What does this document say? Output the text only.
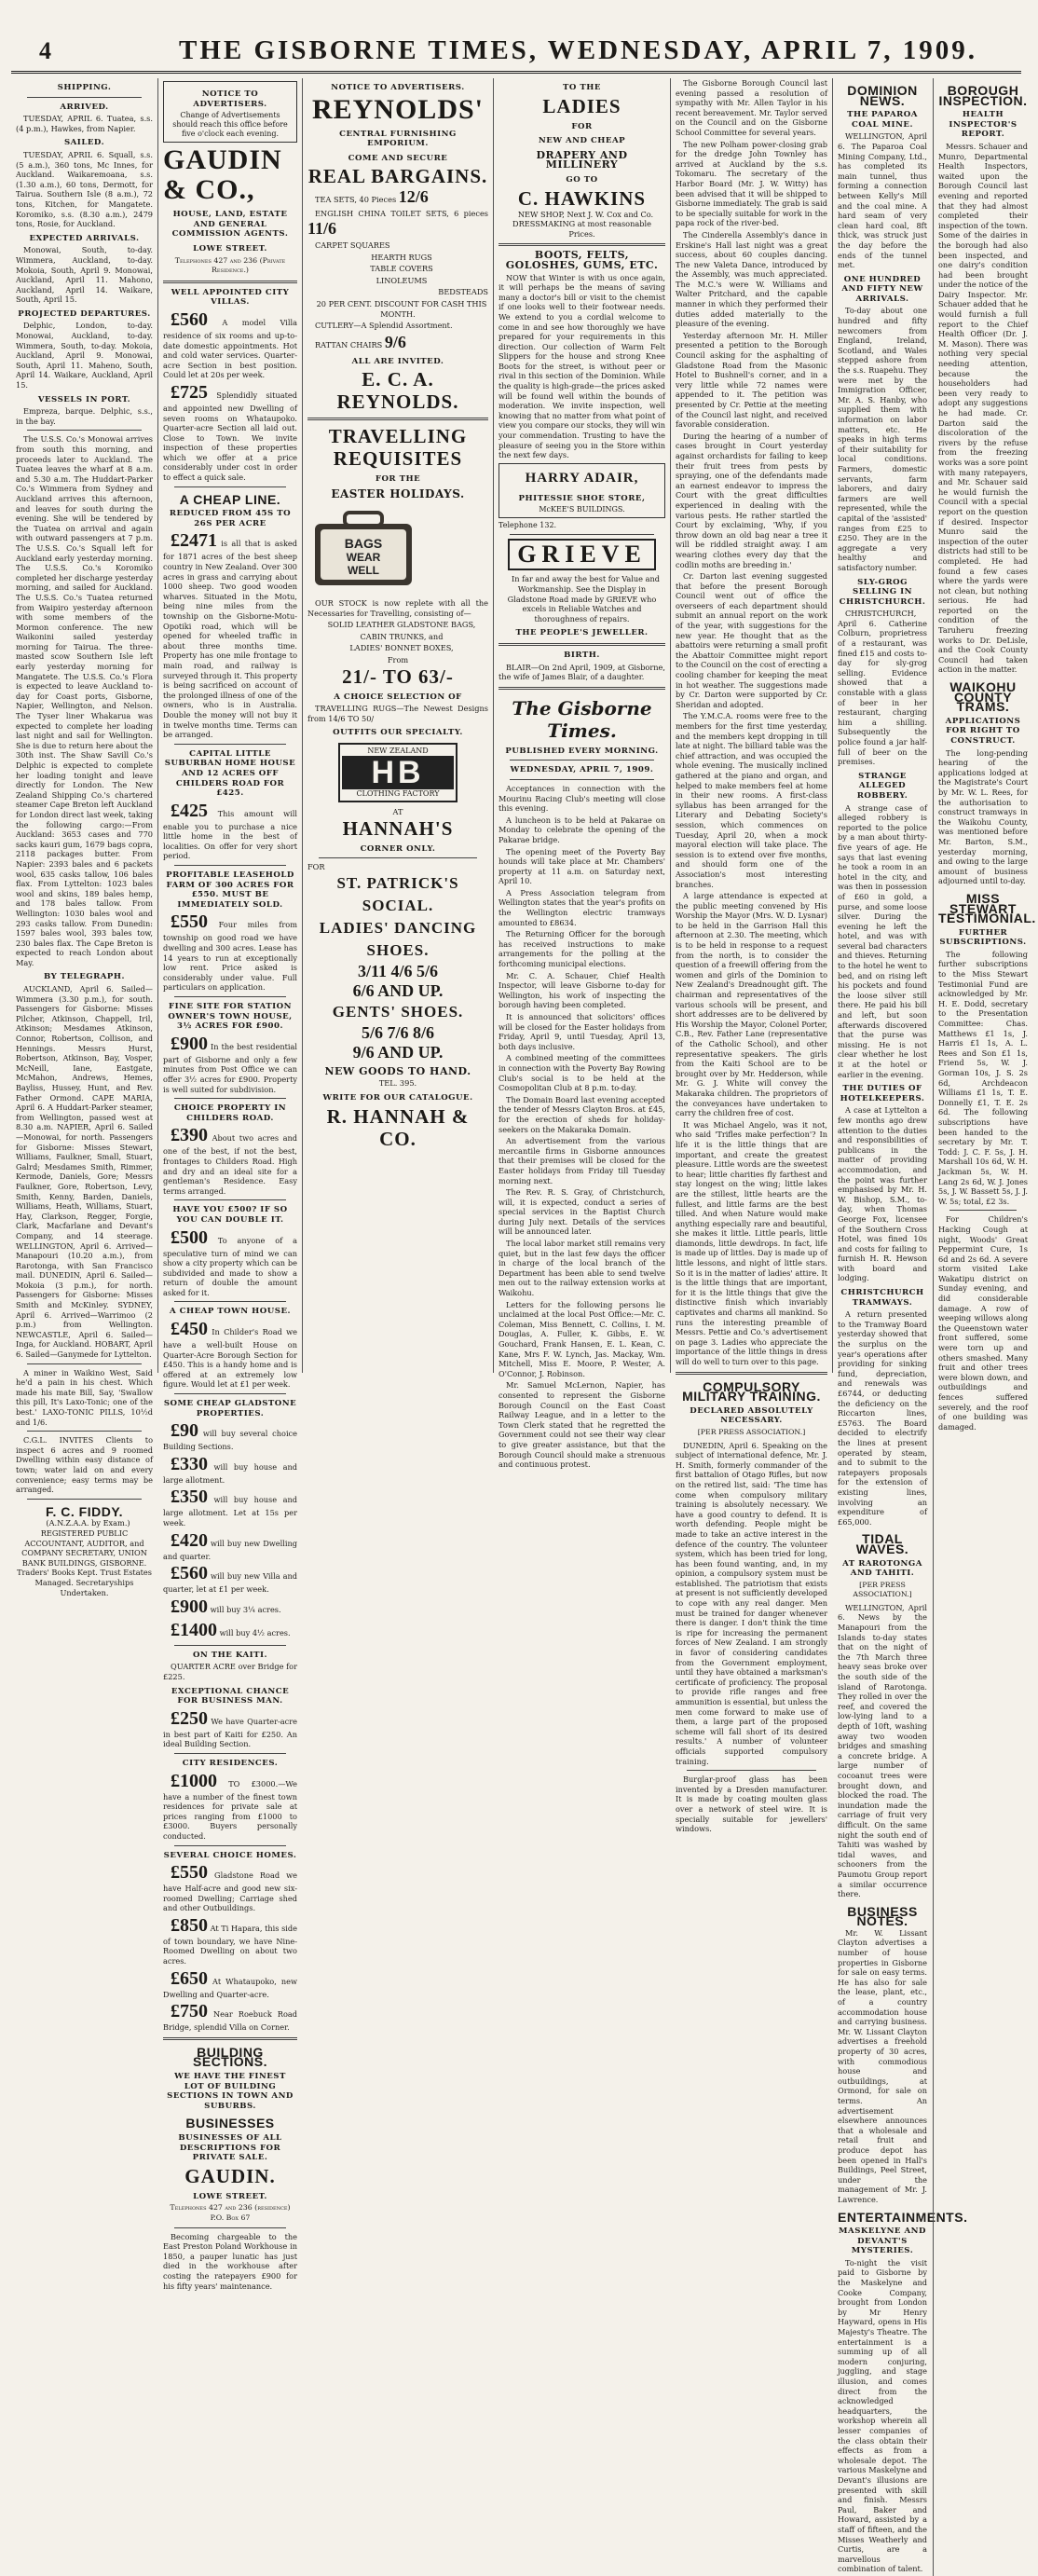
4	THE GISBORNE TIMES, WEDNESDAY, APRIL 7, 1909.
SHIPPING.
ARRIVED.

TUESDAY, APRIL 6. Tuatea, s.s. (4 p.m.), Hawkes, from Napier.

SAILED.

TUESDAY, APRIL 6. Squall, s.s. (5 a.m.), 360 tons, Mc Innes, for Auckland. Waikaremoana, s.s. (1.30 a.m.), 60 tons, Dermott, for Tairua. Southern Isle (8 a.m.), 72 tons, Kitchen, for Mangatete. Koromiko, s.s. (8.30 a.m.), 2479 tons, Rosie, for Auckland.

EXPECTED ARRIVALS.

Monowai, South, to-day. Wimmera, Auckland, to-day. Mokoia, South, April 9. Monowai, Auckland, April 11. Mahono, Auckland, April 14. Waikare, South, April 15.

PROJECTED DEPARTURES.

Delphic, London, to-day. Monowai, Auckland, to-day. Wimmera, South, to-day. Mokoia, Auckland, April 9. Monowai, South, April 11. Maheno, South, April 14. Waikare, Auckland, April 15.

VESSELS IN PORT.

Empreza, barque. Delphic, s.s., in the bay.

The U.S.S. Co.'s Monowai arrives from south this morning, and proceeds later to Auckland. The Tuatea leaves the wharf at 8 a.m. and 5.30 a.m. The Huddart-Parker Co.'s Wimmera from Sydney and Auckland arrives this afternoon, and leaves for south during the evening. She will be tendered by the Tuatea on arrival and again with outward passengers at 7 p.m. The U.S.S. Co.'s Squall left for Auckland early yesterday morning. The U.S.S. Co.'s Koromiko completed her discharge yesterday morning, and sailed for Auckland. The U.S.S. Co.'s Tuatea returned from Waipiro yesterday afternoon with some members of the Mormon conference. The new Waikonini sailed yesterday morning for Tairua. The three-masted scow Southern Isle left early yesterday morning for Mangatete. The U.S.S. Co.'s Flora is expected to leave Auckland to-day for Coast ports, Gisborne, Napier, Wellington, and Nelson. The Tyser liner Whakarua was expected to complete her loading last night and sail for Wellington. She is due to return here about the 30th inst. The Shaw Savill Co.'s Delphic is expected to complete her loading tonight and leave directly for London. The New Zealand Shipping Co.'s chartered steamer Cape Breton left Auckland for London direct last week, taking the following cargo:—From Auckland: 3653 cases and 770 sacks kauri gum, 1679 bags copra, 2118 packages butter. From Napier: 2393 bales and 6 packets wool, 635 casks tallow, 106 bales flax. From Lyttelton: 1023 bales wool and skins, 189 bales hemp, and 178 bales tallow. From Wellington: 1030 bales wool and 293 casks tallow. From Dunedin: 1597 bales wool, 393 bales tow, 230 bales flax. The Cape Breton is expected to reach London about May.

BY TELEGRAPH.

AUCKLAND, April 6. Sailed—Wimmera (3.30 p.m.), for south. Passengers for Gisborne: Misses Pilcher, Atkinson, Chappell, Iril, Atkinson; Mesdames Atkinson, Connor, Robertson, Collison, and Hennings. Messrs Hurst, Robertson, Atkinson, Bay, Vosper, McNeill, Iane, Eastgate, McMahon, Andrews, Hemes, Bayliss, Hussey, Hunt, and Rev. Father Ormond. CAPE MARIA, April 6. A Huddart-Parker steamer, from Wellington, passed west at 8.30 a.m. NAPIER, April 6. Sailed—Monowai, for north. Passengers for Gisborne: Misses Stewart, Williams, Faulkner, Small, Stuart, Galrd; Mesdames Smith, Rimmer, Kermode, Daniels, Gore; Messrs Faulkner, Gore, Robertson, Levy, Smith, Kenny, Barden, Daniels, Williams, Heath, Williams, Stuart, Hay, Clarkson, Regger, Forgie, Clark, Macfarlane and Devant's Company, and 14 steerage. WELLINGTON, April 6. Arrived—Manapouri (10.20 a.m.), from Rarotonga, with San Francisco mail. DUNEDIN, April 6. Sailed—Mokoia (3 p.m.), for north. Passengers for Gisborne: Misses Smith and McKinley. SYDNEY, April 6. Arrived—Warrimoo (2 p.m.) from Wellington. NEWCASTLE, April 6. Sailed—Inga, for Auckland. HOBART, April 6. Sailed—Ganymede for Lyttelton.

A miner in Waikino West, Said he'd a pain in his chest. Which made his mate Bill, Say, 'Swallow this pill, It's Laxo-Tonic; one of the best.' LAXO-TONIC PILLS, 10½d and 1/6.

C.G.L. INVITES Clients to inspect 6 acres and 9 roomed Dwelling within easy distance of town; water laid on and every convenience; easy terms may be arranged.

F. C. FIDDY.

(A.N.Z.A.A. by Exam.) REGISTERED PUBLIC ACCOUNTANT, AUDITOR, and COMPANY SECRETARY, UNION BANK BUILDINGS, GISBORNE. Traders' Books Kept. Trust Estates Managed. Secretaryships Undertaken.

NOTICE TO ADVERTISERS.
Change of Advertisements should reach this office before five o'clock each evening.
GAUDIN & CO.,
HOUSE, LAND, ESTATE AND GENERAL COMMISSION AGENTS.
LOWE STREET.
Telephones 427 and 236 (Private Residence.)
WELL APPOINTED CITY VILLAS.

£560 A model Villa residence of six rooms and up-to-date domestic appointments. Hot and cold water services. Quarter-acre Section in best position. Could let at 20s per week.

£725 Splendidly situated and appointed new Dwelling of seven rooms on Whataupoko. Quarter-acre Section all laid out. Close to Town. We invite inspection of these properties which we offer at a price considerably under cost in order to effect a quick sale.

A CHEAP LINE.
REDUCED FROM 45S TO 26S PER ACRE

£2471 is all that is asked for 1871 acres of the best sheep country in New Zealand. Over 300 acres in grass and carrying about 1000 sheep. Two good wooden wharves. Situated in the Motu, being nine miles from the township on the Gisborne-Motu-Opotiki road, which will be opened for wheeled traffic in about three months time. Property has one mile frontage to main road, and railway is surveyed through it. This property is being sacrificed on account of the prolonged illness of one of the owners, who is in Australia. Double the money will not buy it in twelve months time. Terms can be arranged.

CAPITAL LITTLE SUBURBAN HOME HOUSE AND 12 ACRES OFF CHILDERS ROAD FOR £425.

£425 This amount will enable you to purchase a nice little home in the best of localities. On offer for very short period.

PROFITABLE LEASEHOLD FARM OF 300 ACRES FOR £550. MUST BE IMMEDIATELY SOLD.

£550 Four miles from township on good road we have dwelling and 300 acres. Lease has 14 years to run at exceptionally low rent. Price asked is considerably under value. Full particulars on application.

FINE SITE FOR STATION OWNER'S TOWN HOUSE, 3½ ACRES FOR £900.

£900 In the best residential part of Gisborne and only a few minutes from Post Office we can offer 3½ acres for £900. Property is well suited for subdivision.

CHOICE PROPERTY IN CHILDERS ROAD.

£390 About two acres and one of the best, if not the best, frontages to Childers Road. High and dry and an ideal site for a gentleman's Residence. Easy terms arranged.

HAVE YOU £500? IF SO YOU CAN DOUBLE IT.

£500 To anyone of a speculative turn of mind we can show a city property which can be subdivided and made to show a return of double the amount asked for it.

A CHEAP TOWN HOUSE.

£450 In Childer's Road we have a well-built House on Quarter-Acre Borough Section for £450. This is a handy home and is offered at an extremely low figure. Would let at £1 per week.

SOME CHEAP GLADSTONE PROPERTIES.

£90 will buy several choice Building Sections.

£330 will buy house and large allotment.

£350 will buy house and large allotment. Let at 15s per week.

£420 will buy new Dwelling and quarter.

£560 will buy new Villa and quarter, let at £1 per week.

£900 will buy 3¼ acres.

£1400 will buy 4½ acres.

ON THE KAITI.

QUARTER ACRE over Bridge for £225.

EXCEPTIONAL CHANCE FOR BUSINESS MAN.

£250 We have Quarter-acre in best part of Kaiti for £250. An ideal Building Section.

CITY RESIDENCES.

£1000 TO £3000.—We have a number of the finest town residences for private sale at prices ranging from £1000 to £3000. Buyers personally conducted.

SEVERAL CHOICE HOMES.

£550 Gladstone Road we have Half-acre and good new six-roomed Dwelling; Carriage shed and other Outbuildings.

£850 At Ti Hapara, this side of town boundary, we have Nine-Roomed Dwelling on about two acres.

£650 At Whataupoko, new Dwelling and Quarter-acre.

£750 Near Roebuck Road Bridge, splendid Villa on Corner.

BUILDING SECTIONS.
WE HAVE THE FINEST LOT OF BUILDING SECTIONS IN TOWN AND SUBURBS.
BUSINESSES
BUSINESSES OF ALL DESCRIPTIONS FOR PRIVATE SALE.
GAUDIN.
LOWE STREET.
Telephones 427 and 236 (residence) P.O. Box 67

Becoming chargeable to the East Preston Poland Workhouse in 1850, a pauper lunatic has just died in the workhouse after costing the ratepayers £900 for his fifty years' maintenance.

NOTICE TO ADVERTISERS.
REYNOLDS'
CENTRAL FURNISHING EMPORIUM.
COME AND SECURE
REAL BARGAINS.

TEA SETS, 40 Pieces 12/6

ENGLISH CHINA TOILET SETS, 6 pieces 11/6

CARPET SQUARES

HEARTH RUGS

TABLE COVERS

LINOLEUMS

BEDSTEADS

20 PER CENT. DISCOUNT FOR CASH THIS MONTH.

CUTLERY—A Splendid Assortment.

RATTAN CHAIRS 9/6

ALL ARE INVITED.
E. C. A. REYNOLDS.
TRAVELLING REQUISITES
FOR THE
EASTER HOLIDAYS.
BAGS
WEAR
WELL

OUR STOCK is now replete with all the Necessaries for Travelling, consisting of—

SOLID LEATHER GLADSTONE BAGS,

CABIN TRUNKS, and

LADIES' BONNET BOXES,

From
21/- TO 63/-
A CHOICE SELECTION OF

TRAVELLING RUGS—The Newest Designs from 14/6 TO 50/

OUTFITS OUR SPECIALTY.
NEW ZEALAND
HB
CLOTHING FACTORY
AT
HANNAH'S
CORNER ONLY.
FOR
ST. PATRICK'S SOCIAL.
LADIES' DANCING SHOES.
3/11 4/6 5/6
6/6 AND UP.
GENTS' SHOES.
5/6 7/6 8/6
9/6 AND UP.
NEW GOODS TO HAND.
TEL. 395.
WRITE FOR OUR CATALOGUE.
R. HANNAH & CO.
TO THE
LADIES
FOR
NEW AND CHEAP
DRAPERY AND MILLINERY
GO TO
C. HAWKINS

NEW SHOP, Next J. W. Cox and Co. DRESSMAKING at most reasonable Prices.

BOOTS, FELTS, GOLOSHES, GUMS, ETC.

NOW that Winter is with us once again, it will perhaps be the means of saving many a doctor's bill or visit to the chemist if one looks well to their footwear needs. We extend to you a cordial welcome to come in and see how thoroughly we have prepared for your requirements in this direction. Our collection of Warm Felt Slippers for the house and strong Knee Boots for the street, is without peer or rival in this section of the Dominion. While the quality is high-grade—the prices asked will be found well within the bounds of moderation. We invite inspection, well knowing that no matter from what point of view you compare our stocks, they will win your commendation. Trusting to have the pleasure of seeing you in the Store within the next few days.

HARRY ADAIR,
PHITESSIE SHOE STORE,
McKEE'S BUILDINGS.
Telephone 132.
GRIEVE

In far and away the best for Value and Workmanship. See the Display in Gladstone Road made by GRIEVE who excels in Reliable Watches and thoroughness of repairs.

THE PEOPLE'S JEWELLER.
BIRTH.

BLAIR—On 2nd April, 1909, at Gisborne, the wife of James Blair, of a daughter.

The Gisborne Times.
PUBLISHED EVERY MORNING.
WEDNESDAY, APRIL 7, 1909.

Acceptances in connection with the Mourinu Racing Club's meeting will close this evening.

A luncheon is to be held at Pakarae on Monday to celebrate the opening of the Pakarae bridge.

The opening meet of the Poverty Bay hounds will take place at Mr. Chambers' property at 11 a.m. on Saturday next, April 10.

A Press Association telegram from Wellington states that the year's profits on the Wellington electric tramways amounted to £8634.

The Returning Officer for the borough has received instructions to make arrangements for the polling at the forthcoming municipal elections.

Mr. C. A. Schauer, Chief Health Inspector, will leave Gisborne to-day for Wellington, his work of inspecting the borough having been completed.

It is announced that solicitors' offices will be closed for the Easter holidays from Friday, April 9, until Tuesday, April 13, both days inclusive.

A combined meeting of the committees in connection with the Poverty Bay Rowing Club's social is to be held at the Cosmopolitan Club at 8 p.m. to-day.

The Domain Board last evening accepted the tender of Messrs Clayton Bros. at £45, for the erection of sheds for holiday-seekers on the Makaraka Domain.

An advertisement from the various mercantile firms in Gisborne announces that their premises will be closed for the Easter holidays from Friday till Tuesday morning next.

The Rev. R. S. Gray, of Christchurch, will, it is expected, conduct a series of special services in the Baptist Church during July next. Details of the services will be announced later.

The local labor market still remains very quiet, but in the last few days the officer in charge of the local branch of the Department has been able to send twelve men out to the railway extension works at Waikohu.

Letters for the following persons lie unclaimed at the local Post Office:—Mr. C. Coleman, Miss Bennett, C. Collins, I. M. Douglas, A. Fuller, K. Gibbs, E. W. Gouchard, Frank Hansen, E. L. Kean, C. Kane, Mrs F. W. Lynch, Jas. Mackay, Wm. Mitchell, Miss E. Moore, P. Wester, A. O'Connor, J. Robinson.

Mr. Samuel McLernon, Napier, has consented to represent the Gisborne Borough Council on the East Coast Railway League, and in a letter to the Town Clerk stated that he regretted the Government could not see their way clear to give greater assistance, but that the Borough Council should make a strenuous and continuous protest.

The Gisborne Borough Council last evening passed a resolution of sympathy with Mr. Allen Taylor in his recent bereavement. Mr. Taylor served on the Council and on the Gisborne School Committee for several years.

The new Polham power-closing grab for the dredge John Townley has arrived at Auckland by the s.s. Tokomaru. The secretary of the Harbor Board (Mr. J. W. Witty) has been advised that it will be shipped to Gisborne immediately. The grab is said to be specially suitable for work in the papa rock of the river-bed.

The Cinderella Assembly's dance in Erskine's Hall last night was a great success, about 60 couples dancing. The new Valeta Dance, introduced by the Assembly, was much appreciated. The M.C.'s were W. Williams and Walter Pritchard, and the capable manner in which they performed their duties added materially to the pleasure of the evening.

Yesterday afternoon Mr. H. Miller presented a petition to the Borough Council asking for the asphalting of Gladstone Road from the Masonic Hotel to Bushnell's corner, and in a very little while 72 names were appended to it. The petition was presented by Cr. Pettie at the meeting of the Council last night, and received favorable consideration.

During the hearing of a number of cases brought in Court yesterday against orchardists for failing to keep their fruit trees from pests by spraying, one of the defendants made an earnest endeavor to impress the Court with the great difficulties experienced in dealing with the various pests. He rather startled the Court by exclaiming, 'Why, if you throw down an old bag near a tree it will be riddled straight away. I am wearing clothes every day that the codlin moths are breeding in.'

Cr. Darton last evening suggested that before the present Borough Council went out of office the overseers of each department should submit an annual report on the work of the year, with suggestions for the new year. He thought that as the abattoirs were returning a small profit the Abattoir Committee might report to the Council on the cost of erecting a cooling chamber for keeping the meat in hot weather. The suggestions made by Cr. Darton were supported by Cr. Sheridan and adopted.

The Y.M.C.A. rooms were free to the members for the first time yesterday, and the members kept dropping in till late at night. The billiard table was the chief attraction, and was occupied the whole evening. The musically inclined gathered at the piano and organ, and helped to make members feel at home in their new rooms. A first-class syllabus has been arranged for the Literary and Debating Society's session, which commences on Tuesday, April 20, when a mock mayoral election will take place. The session is to extend over five months, and should form one of the Association's most interesting branches.

A large attendance is expected at the public meeting convened by His Worship the Mayor (Mrs. W. D. Lysnar) to be held in the Garrison Hall this afternoon at 2.30. The meeting, which is to be held in response to a request from the north, is to consider the question of a freewill offering from the women and girls of the Dominion to New Zealand's Dreadnought gift. The chairman and representatives of the various schools will be present, and short addresses are to be delivered by His Worship the Mayor, Colonel Porter, C.B., Rev. Father Lane (representative of the Catholic School), and other representative speakers. The girls from the Kaiti School are to be brought over by Mr. Hedderson, while Mr. G. J. White will convey the Makaraka children. The proprietors of the conveyances have undertaken to carry the children free of cost.

It was Michael Angelo, was it not, who said 'Trifles make perfection'? In life it is the little things that are important, and create the greatest pleasure. Little words are the sweetest to hear; little charities fly farthest and stay longest on the wing; little lakes are the stillest, little hearts are the fullest, and little farms are the best tilled. And when Nature would make anything especially rare and beautiful, she makes it little. Little pearls, little diamonds, little dewdrops. In fact, life is made up of littles. Day is made up of little lessons, and night of little stars. So it is in the matter of ladies' attire. It is the little things that are important, for it is the little things that give the distinctive finish which invariably captivates and charms all mankind. So runs the interesting preamble of Messrs. Pettie and Co.'s advertisement on page 3. Ladies who appreciate the importance of the little things in dress will do well to turn over to this page.

COMPULSORY MILITARY TRAINING.
DECLARED ABSOLUTELY NECESSARY.
[PER PRESS ASSOCIATION.]

DUNEDIN, April 6. Speaking on the subject of international defence, Mr. J. H. Smith, formerly commander of the first battalion of Otago Rifles, but now on the retired list, said: 'The time has come when compulsory military training is absolutely necessary. We have a good country to defend. It is worth defending. People might be made to take an active interest in the defence of the country. The volunteer system, which has been tried for long, has been found wanting, and, in my opinion, a compulsory system must be established. The patriotism that exists at present is not sufficiently developed to cope with any real danger. Men must be trained for danger whenever there is danger. I don't think the time is ripe for increasing the permanent forces of New Zealand. I am strongly in favor of considering candidates from the Government employment, until they have obtained a marksman's certificate of proficiency. The proposal to provide rifle ranges and free ammunition is essential, but unless the men come forward to make use of them, a large part of the proposed scheme will fall short of its desired results.' A number of volunteer officials supported compulsory training.

Burglar-proof glass has been invented by a Dresden manufacturer. It is made by coating moulten glass over a network of steel wire. It is specially suitable for jewellers' windows.

DOMINION NEWS.
THE PAPAROA COAL MINE.

WELLINGTON, April 6. The Paparoa Coal Mining Company, Ltd., has completed its main tunnel, thus forming a connection between Kelly's Mill and the coal mine. A hard seam of very clean hard coal, 8ft thick, was struck just the day before the ends of the tunnel met.

ONE HUNDRED AND FIFTY NEW ARRIVALS.

To-day about one hundred and fifty newcomers from England, Ireland, Scotland, and Wales stepped ashore from the s.s. Ruapehu. They were met by the Immigration Officer, Mr. A. S. Hanby, who supplied them with information on labor matters, etc. He speaks in high terms of their suitability for local conditions. Farmers, domestic servants, farm laborers, and dairy farmers are well represented, while the capital of the 'assisted' ranges from £25 to £250. They are in the aggregate a very healthy and satisfactory number.

SLY-GROG SELLING IN CHRISTCHURCH.

CHRISTCHURCH, April 6. Catherine Colburn, proprietress of a restaurant, was fined £15 and costs to-day for sly-grog selling. Evidence showed that a constable with a glass of beer in her restaurant, charging him a shilling. Subsequently the police found a jar half-full of beer on the premises.

STRANGE ALLEGED ROBBERY.

A strange case of alleged robbery is reported to the police by a man about thirty-five years of age. He says that last evening he took a room in an hotel in the city, and was then in possession of £60 in gold, a purse, and some loose silver. During the evening he left the hotel, and was with several bad characters and thieves. Returning to the hotel he went to bed, and on rising left his pockets and found the loose silver still there. He paid his bill and left, but soon afterwards discovered that the purse was missing. He is not clear whether he lost it at the hotel or earlier in the evening.

THE DUTIES OF HOTELKEEPERS.

A case at Lyttelton a few months ago drew attention to the duties and responsibilities of publicans in the matter of providing accommodation, and the point was further emphasised by Mr. H. W. Bishop, S.M., to-day, when Thomas George Fox, licensee of the Southern Cross Hotel, was fined 10s and costs for failing to furnish H. R. Hewson with board and lodging.

CHRISTCHURCH TRAMWAYS.

A return presented to the Tramway Board yesterday showed that the surplus on the year's operations after providing for sinking fund, depreciation, and renewals was £6744, or deducting the deficiency on the Riccarton lines, £5763. The Board decided to electrify the lines at present operated by steam, and to submit to the ratepayers proposals for the extension of existing lines, involving an expenditure of £65,000.

TIDAL WAVES.
AT RAROTONGA AND TAHITI.
[PER PRESS ASSOCIATION.]

WELLINGTON, April 6. News by the Manapouri from the Islands to-day states that on the night of the 7th March three heavy seas broke over the south side of the island of Rarotonga. They rolled in over the reef, and covered the low-lying land to a depth of 10ft, washing away two wooden bridges and smashing a concrete bridge. A large number of cocoanut trees were brought down, and blocked the road. The inundation made the carriage of fruit very difficult. On the same night the south end of Tahiti was washed by tidal waves, and schooners from the Paumotu Group report a similar occurrence there.

BUSINESS NOTES.

Mr. W. Lissant Clayton advertises a number of house properties in Gisborne for sale on easy terms. He has also for sale the lease, plant, etc., of a country accommodation house and carrying business. Mr. W. Lissant Clayton advertises a freehold property of 30 acres, with commodious house and outbuildings, at Ormond, for sale on terms. An advertisement elsewhere announces that a wholesale and retail fruit and produce depot has been opened in Hall's Buildings, Peel Street, under the management of Mr. J. Lawrence.

ENTERTAINMENTS.
MASKELYNE AND DEVANT'S MYSTERIES.

To-night the visit paid to Gisborne by the Maskelyne and Cooke Company, brought from London by Mr Henry Hayward, opens in His Majesty's Theatre. The entertainment is a summing up of all modern conjuring, juggling, and stage illusion, and comes direct from the acknowledged headquarters, the workshop wherein all lesser companies of the class obtain their effects as from a wholesale depot. The various Maskelyne and Devant's illusions are presented with skill and finish. Messrs Paul, Baker and Howard, assisted by a staff of fifteen, and the Misses Weatherly and Curtis, are a marvellous combination of talent.

BOROUGH INSPECTION.
HEALTH INSPECTOR'S REPORT.

Messrs. Schauer and Munro, Departmental Health Inspectors, waited upon the Borough Council last evening and reported that they had almost completed their inspection of the town. Some of the dairies in the borough had also been inspected, and one dairy's condition had been brought under the notice of the Dairy Inspector. Mr. Schauer added that he would furnish a full report to the Chief Health Officer (Dr. J. M. Mason). There was nothing very special needing attention, because the householders had been very ready to adopt any suggestions he had made. Cr. Darton said the discoloration of the rivers by the refuse from the freezing works was a sore point with many ratepayers, and Mr. Schauer said he would furnish the Council with a special report on the question if desired. Inspector Munro said the inspection of the outer districts had still to be completed. He had found a few cases where the yards were not clean, but nothing serious. He had reported on the condition of the Taruheru freezing works to Dr. DeLisle, and the Cook County Council had taken action in the matter.

WAIKOHU COUNTY TRAMS.
APPLICATIONS FOR RIGHT TO CONSTRUCT.

The long-pending hearing of the applications lodged at the Magistrate's Court by Mr. W. L. Rees, for the authorisation to construct tramways in the Waikohu County, was mentioned before Mr. Barton, S.M., yesterday morning, and owing to the large amount of business adjourned until to-day.

MISS STEWART TESTIMONIAL.
FURTHER SUBSCRIPTIONS.

The following further subscriptions to the Miss Stewart Testimonial Fund are acknowledged by Mr. H. E. Dodd, secretary to the Presentation Committee: Chas. Matthews £1 1s, J. Harris £1 1s, A. L. Rees and Son £1 1s, Friend 5s, W. J. Gorman 10s, J. S. 2s 6d, Archdeacon Williams £1 1s, T. E. Donnelly £1, T. E. 2s 6d. The following subscriptions have been handed to the secretary by Mr. T. Todd: J. C. F. 5s, J. H. Marshall 10s 6d, W. H. Jackman 5s, W. H. Lang 2s 6d, W. J. Jones 5s, J. W. Bassett 5s, J. J. W. 5s; total, £2 3s.

For Children's Hacking Cough at night, Woods' Great Peppermint Cure, 1s 6d and 2s 6d. A severe storm visited Lake Wakatipu district on Sunday evening, and did considerable damage. A row of weeping willows along the Queenstown water front suffered, some were torn up and others smashed. Many fruit and other trees were blown down, and outbuildings and fences suffered severely, and the roof of one building was damaged.
